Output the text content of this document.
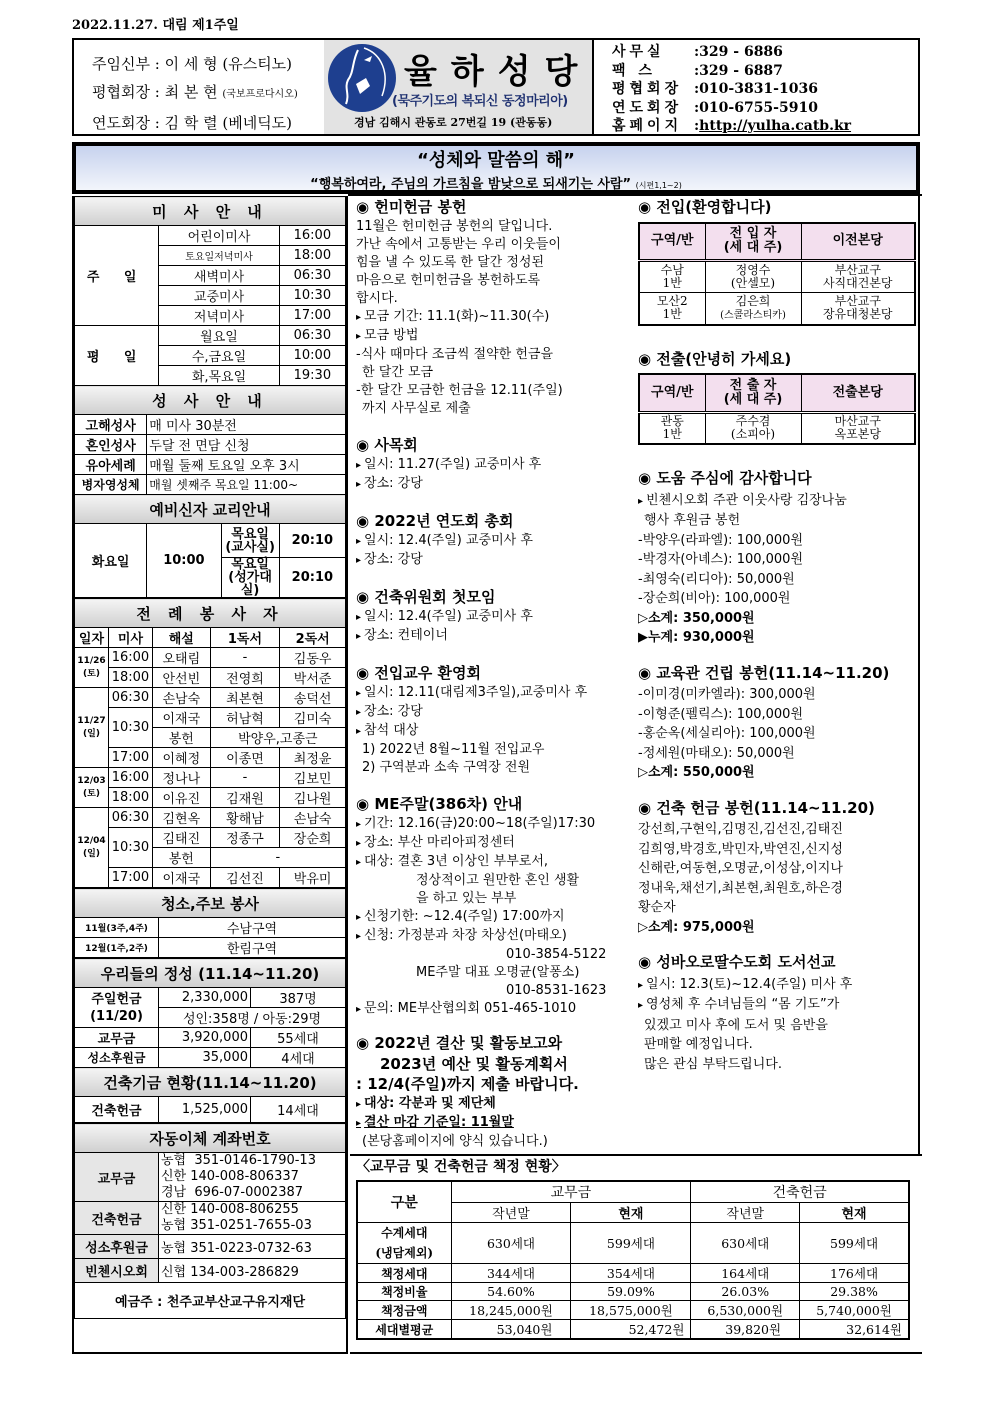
2022.11.27. 대림 제1주일
주임신부 : 이 세 형 (유스티노)
평협회장 : 최 본 현 (국보프로다시오)
연도회장 : 김 학 렬 (베네딕도)
율하성당
(묵주기도의 복되신 동정마리아)
경남 김해시 관동로 27번길 19 (관동동)
사무실	: 329 - 6886
팩 스	: 329 - 6887
평협회장 : 010-3831-1036
연도회장 : 010-6755-5910
홈페이지 : http://yulha.catb.kr
“성체와 말씀의 해”
“행복하여라, 주님의 가르침을 밤낮으로 되새기는 사람” (시편1,1~2)
미 사 안 내				
주 일		어린이미사		16:00
		토요일저녁미사		18:00
		새벽미사		06:30
		교중미사		10:30
		저녁미사		17:00
평 일		월요일		06:30
		수,금요일		10:00
		화,목요일		19:30
성 사 안 내				
고해성사	매 미사 30분전			
혼인성사	두달 전 면담 신청			
유아세례	매월 둘째 토요일 오후 3시			
병자영성체	매월 셋째주 목요일 11:00~			
예비신자 교리안내				
화요일	10:00		목요일
(교사실)	20:10
			목요일
(성가대실)	20:10
전 례 봉 사 자				
일자	미사	해설	1독서	2독서
11/26
(토)	16:00	오태림	-	김동우
	18:00	안선빈	전영희	박서준
11/27
(일)	06:30	손남숙	최본현	송덕선
	10:30	이재국	허남혁	김미숙
		봉헌	박양우,고종근	
	17:00	이혜정	이종면	최정윤
12/03
(토)	16:00	정나나	-	김보민
	18:00	이유진	김재원	김나원
12/04
(일)	06:30	김현옥	황해남	손남숙
	10:30	김태진	정종구	장순희
		봉헌	-	
	17:00	이재국	김선진	박유미
청소,주보 봉사	
11월(3주,4주)	수남구역
12월(1주,2주)	한림구역
우리들의 정성 (11.14~11.20)		
주일헌금
(11/20)	2,330,000	387명
	성인:358명 / 아동:29명	
교무금	3,920,000	55세대
성소후원금	35,000	4세대
건축기금 현황(11.14~11.20)		
건축헌금	1,525,000	14세대
자동이체 계좌번호	
교무금	농협  351-0146-1790-13
신한 140-008-806337
경남  696-07-0002387

건축헌금	신한 140-008-806255
농협 351-0251-7655-03

성소후원금	농협 351-0223-0732-63
빈첸시오회	신협 134-003-286829
예금주 : 천주교부산교구유지재단	
◉ 헌미헌금 봉헌
11월은 헌미헌금 봉헌의 달입니다.
가난 속에서 고통받는 우리 이웃들이
힘을 낼 수 있도록 한 달간 정성된
마음으로 헌미헌금을 봉헌하도록
합시다.
▸ 모금 기간: 11.1(화)~11.30(수)
▸ 모금 방법
-식사 때마다 조금씩 절약한 헌금을
한 달간 모금
-한 달간 모금한 헌금을 12.11(주일)
까지 사무실로 제출
◉ 사목회
▸ 일시: 11.27(주일) 교중미사 후
▸ 장소: 강당
◉ 2022년 연도회 총회
▸ 일시: 12.4(주일) 교중미사 후
▸ 장소: 강당
◉ 건축위원회 첫모임
▸ 일시: 12.4(주일) 교중미사 후
▸ 장소: 컨테이너
◉ 전입교우 환영회
▸ 일시: 12.11(대림제3주일),교중미사 후
▸ 장소: 강당
▸ 참석 대상
1) 2022년 8월~11월 전입교우
2) 구역분과 소속 구역장 전원
◉ ME주말(386차) 안내
▸ 기간: 12.16(금)20:00~18(주일)17:30
▸ 장소: 부산 마리아피정센터
▸ 대상: 결혼 3년 이상인 부부로서,
정상적이고 원만한 혼인 생활
을 하고 있는 부부
▸ 신청기한: ~12.4(주일) 17:00까지
▸ 신청: 가정분과 차장 차상선(마태오)
010-3854-5122
ME주말 대표 오명균(알퐁소)
010-8531-1623
▸ 문의: ME부산협의회 051-465-1010
◉ 2022년 결산 및 활동보고와
2023년 예산 및 활동계획서
: 12/4(주일)까지 제출 바랍니다.
▸ 대상: 각분과 및 제단체
▸ 결산 마감 기준일: 11월말
(본당홈페이지에 양식 있습니다.)
◉ 전입(환영합니다)
구역/반	전 입 자
(세 대 주)	이전본당
수남
1반	정영수
(안셀모)	부산교구
사직대건본당
모산2
1반	김은희
(스콜라스티카)	부산교구
장유대청본당
◉ 전출(안녕히 가세요)
구역/반	전 출 자
(세 대 주)	전출본당
관동
1반	주수겸
(소피아)	마산교구
옥포본당
◉ 도움 주심에 감사합니다
▸ 빈첸시오회 주관 이웃사랑 김장나눔
행사 후원금 봉헌
-박양우(라파엘): 100,000원
-박경자(아녜스): 100,000원
-최영숙(리디아): 50,000원
-장순희(비아): 100,000원
▷소계: 350,000원
▶누계: 930,000원
◉ 교육관 건립 봉헌(11.14~11.20)
-이미경(미카엘라): 300,000원
-이형준(펠릭스): 100,000원
-홍순옥(세실리아): 100,000원
-정세원(마태오): 50,000원
▷소계: 550,000원
◉ 건축 헌금 봉헌(11.14~11.20)
강선희,구현익,김명진,김선진,김태진
김희영,박경호,박민자,박연진,신지성
신해란,여동현,오명균,이성삼,이지나
정내욱,채선기,최본현,최원호,하은경
황순자
▷소계: 975,000원
◉ 성바오로딸수도회 도서선교
▸ 일시: 12.3(토)~12.4(주일) 미사 후
▸ 영성체 후 수녀님들의 “몸 기도”가
있겠고 미사 후에 도서 및 음반을
판매할 예정입니다.
많은 관심 부탁드립니다.
〈교무금 및 건축헌금 책정 현황〉
구분	교무금		건축헌금	
	작년말	현재	작년말	현재
수계세대
(냉담제외)	630세대	599세대	630세대	599세대
책정세대	344세대	354세대	164세대	176세대
책정비율	54.60%	59.09%	26.03%	29.38%
책정금액	18,245,000원	18,575,000원	6,530,000원	5,740,000원
세대별평균	53,040원	52,472원	39,820원	32,614원
